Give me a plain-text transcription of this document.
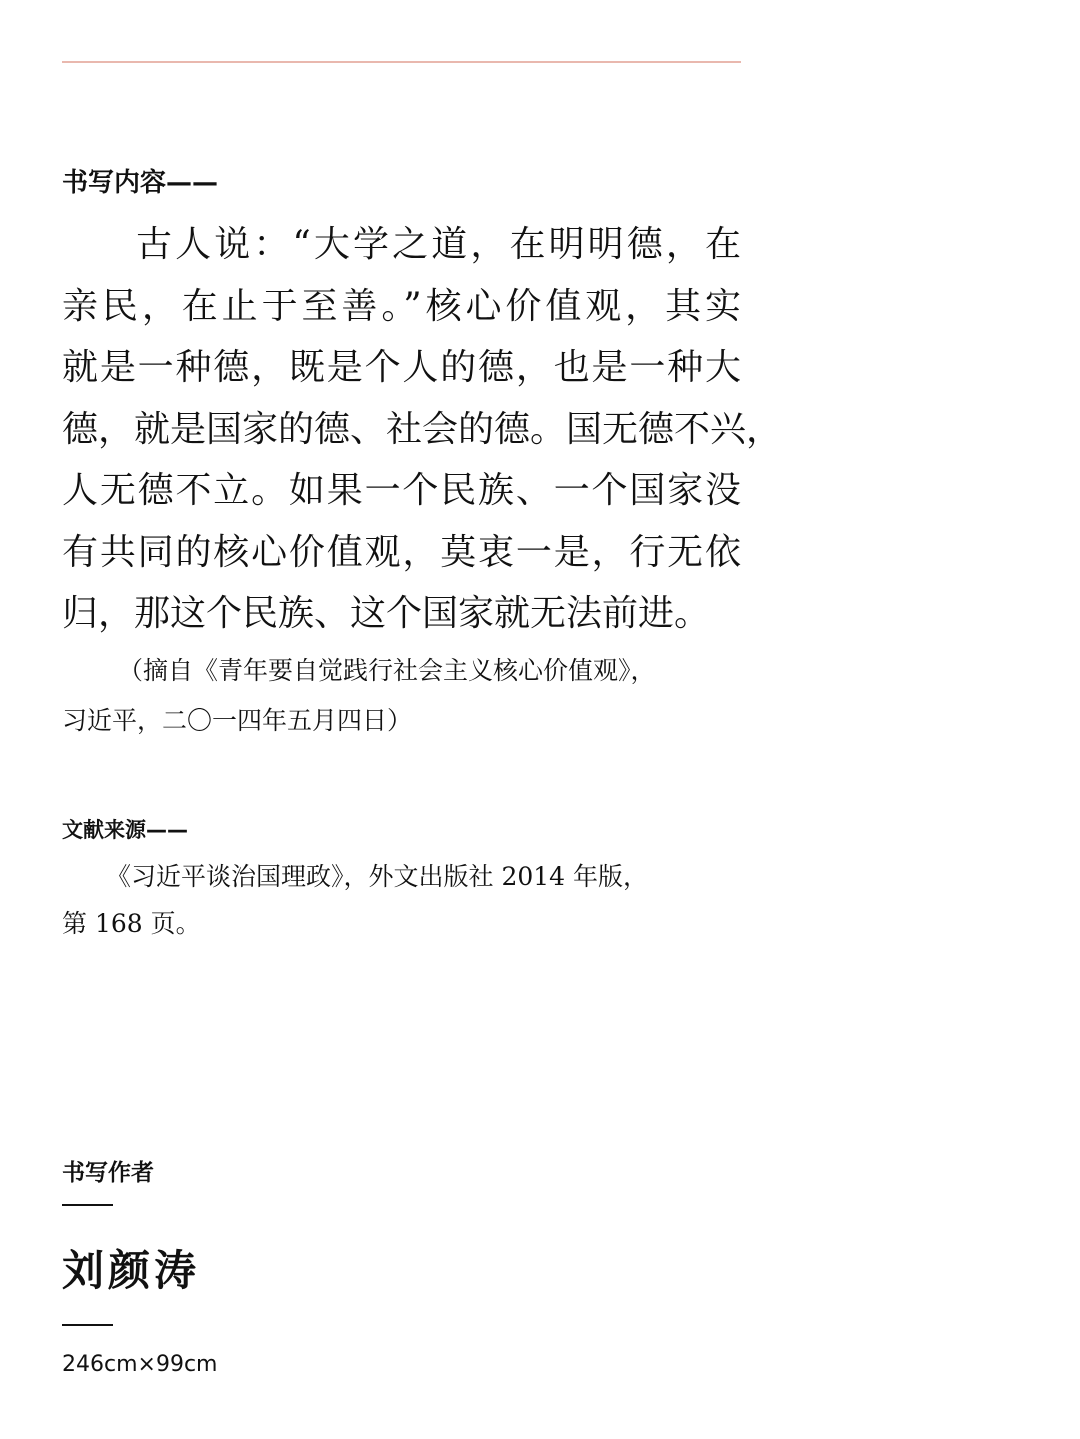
书写内容——
古人说：“大学之道，在明明德，在
亲民，在止于至善。”核心价值观，其实
就是一种德，既是个人的德，也是一种大
德，就是国家的德、社会的德。国无德不兴，
人无德不立。如果一个民族、一个国家没
有共同的核心价值观，莫衷一是，行无依
归，那这个民族、这个国家就无法前进。
（摘自《青年要自觉践行社会主义核心价值观》，
习近平，二〇一四年五月四日）
文献来源——
《习近平谈治国理政》，外文出版社 2014 年版，
第 168 页。
书写作者
刘颜涛
246cm×99cm
